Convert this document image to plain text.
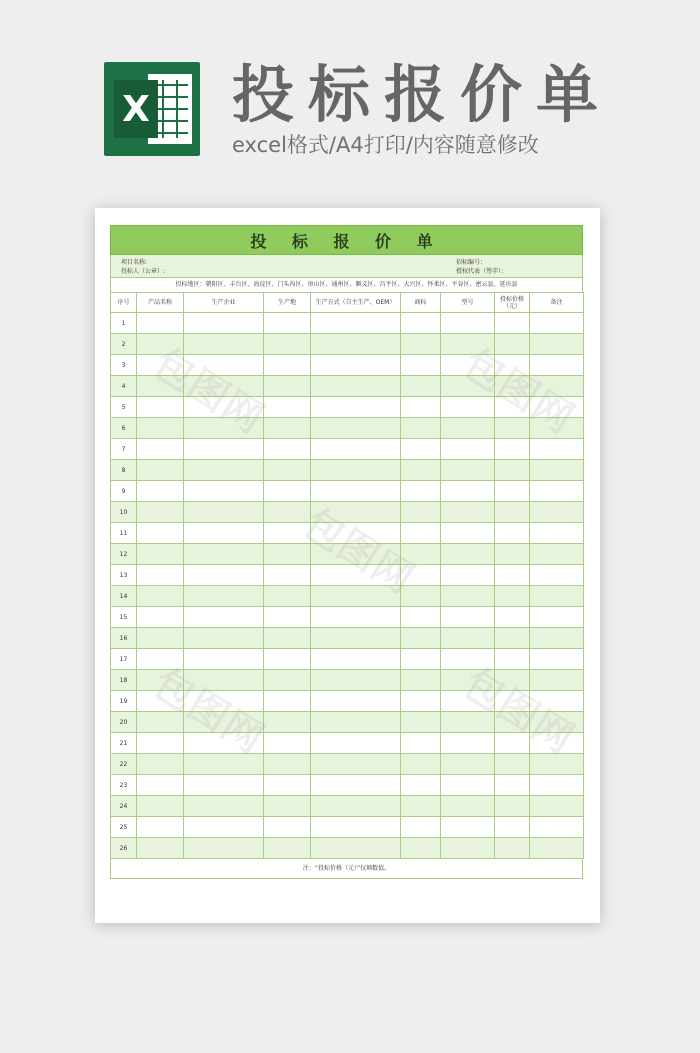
X 投标报价单
excel格式/A4打印/内容随意修改
投 标 报 价 单
项目名称:
投标人（公章）:
招标编号：
授权代表（签字）：
投标地区：朝阳区、丰台区、海淀区、门头沟区、房山区、通州区、顺义区、昌平区、大兴区、怀柔区、平谷区、密云县、延庆县
序号	产品名称	生产企业	生产地	生产方式（自主生产、OEM）	商标	型号	投标价格（元）	备注
1								
2								
3								
4								
5								
6								
7								
8								
9								
10								
11								
12								
13								
14								
15								
16								
17								
18								
19								
20								
21								
22								
23								
24								
25								
26								
注：“投标价格（元）”仅填数值。
